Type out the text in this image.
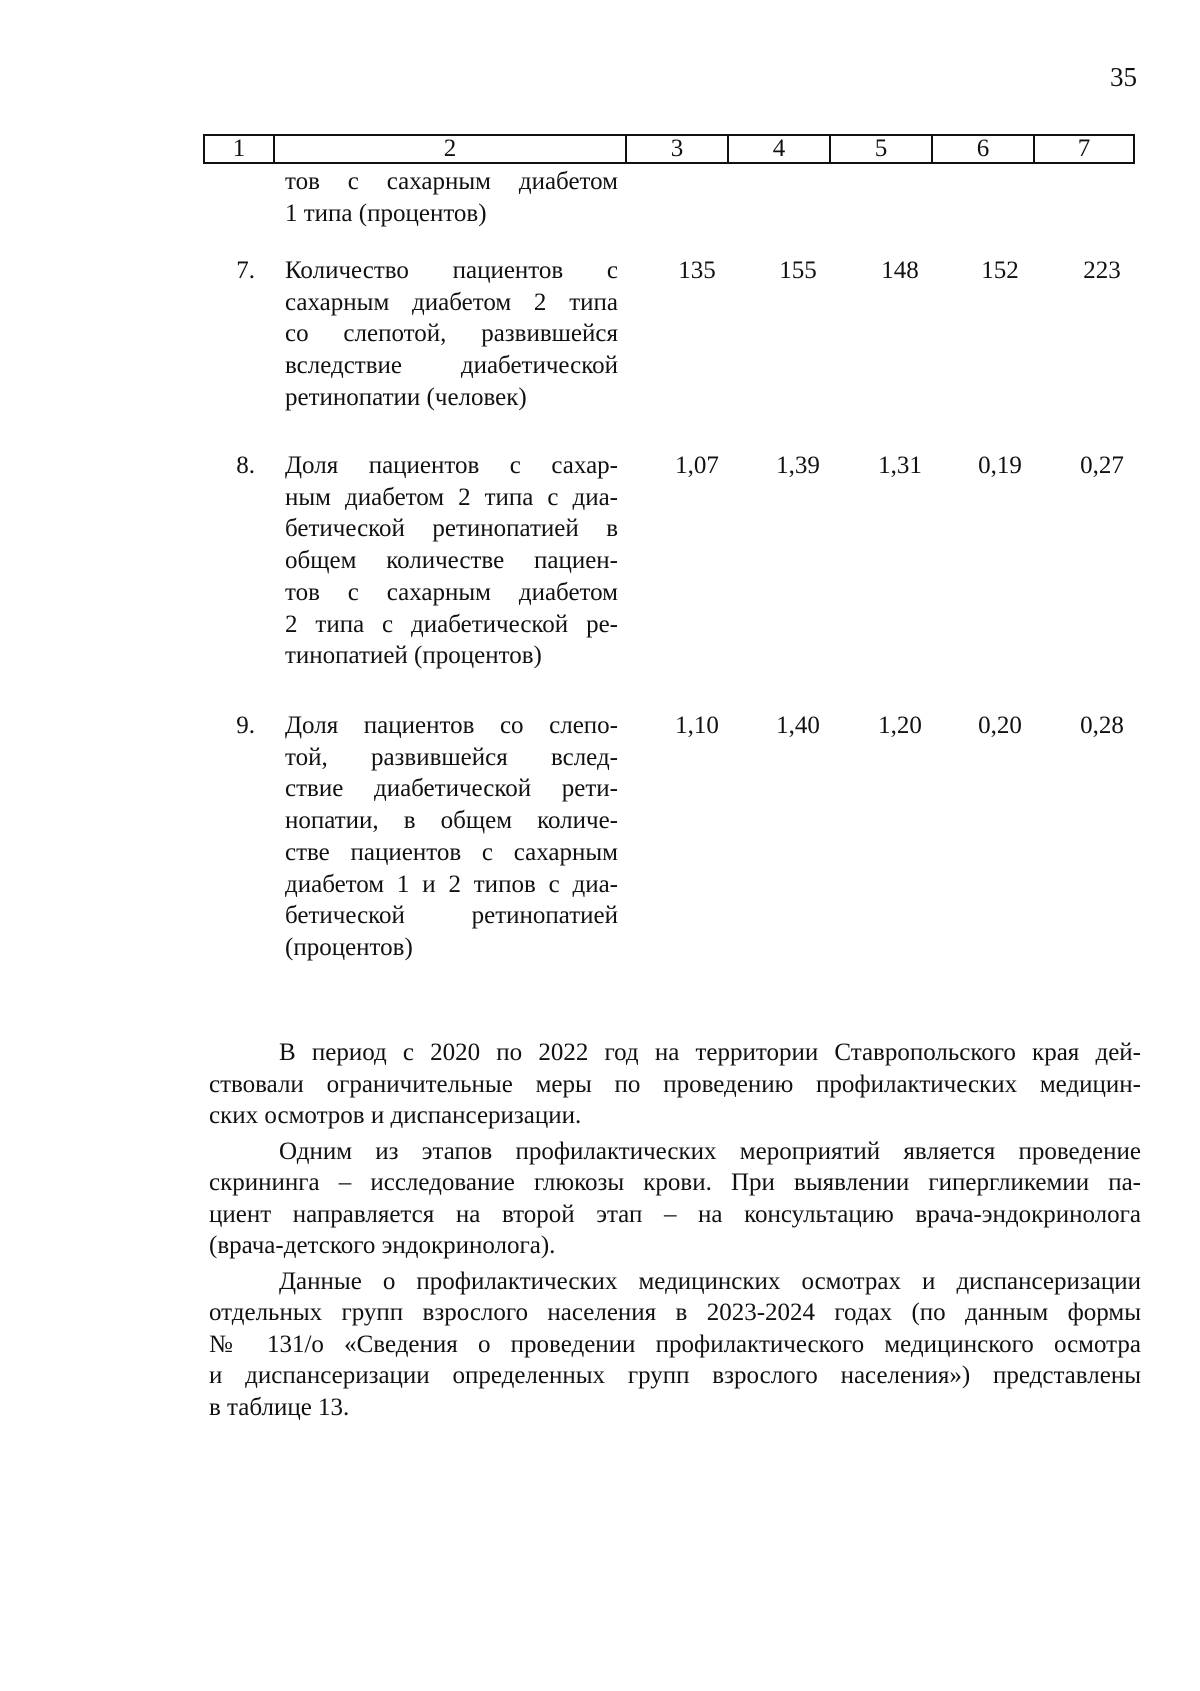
35
1	2	3	4	5	6	7
тов с сахарным диабетом
1 типа (процентов)
7. Количество пациентов с
сахарным диабетом 2 типа
со слепотой, развившейся
вследствие диабетической
ретинопатии (человек)
135	155	148	152	223
8. Доля пациентов с сахар-
ным диабетом 2 типа с диа-
бетической ретинопатией в
общем количестве пациен-
тов с сахарным диабетом
2 типа с диабетической ре-
тинопатией (процентов)
1,07	1,39	1,31	0,19	0,27
9. Доля пациентов со слепо-
той, развившейся вслед-
ствие диабетической рети-
нопатии, в общем количе-
стве пациентов с сахарным
диабетом 1 и 2 типов с диа-
бетической ретинопатией
(процентов)
1,10	1,40	1,20	0,20	0,28
В период с 2020 по 2022 год на территории Ставропольского края дей-
ствовали ограничительные меры по проведению профилактических медицин-
ских осмотров и диспансеризации.
Одним из этапов профилактических мероприятий является проведение
скрининга – исследование глюкозы крови. При выявлении гипергликемии па-
циент направляется на второй этап – на консультацию врача-эндокринолога
(врача-детского эндокринолога).
Данные о профилактических медицинских осмотрах и диспансеризации
отдельных групп взрослого населения в 2023-2024 годах (по данным формы
№ 131/о «Сведения о проведении профилактического медицинского осмотра
и диспансеризации определенных групп взрослого населения») представлены
в таблице 13.
